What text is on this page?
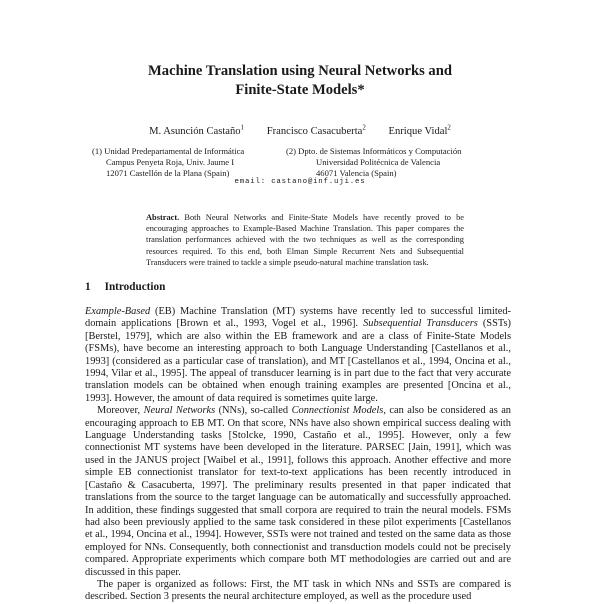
Machine Translation using Neural Networks and
Finite-State Models*
M. Asunción Castaño$^1$ Francisco Casacuberta$^2$ Enrique Vidal$^2$
(1) Unidad Predepartamental de Informática
Campus Penyeta Roja, Univ. Jaume I
12071 Castellón de la Plana (Spain)
(2) Dpto. de Sistemas Informáticos y Computación
Universidad Politécnica de Valencia
46071 Valencia (Spain)
email: castano@inf.uji.es
Abstract. Both Neural Networks and Finite-State Models have recently proved to be encouraging approaches to Example-Based Machine Translation. This paper compares the translation performances achieved with the two techniques as well as the corresponding resources required. To this end, both Elman Simple Recurrent Nets and Subsequential Transducers were trained to tackle a simple pseudo-natural machine translation task.
1 Introduction

Example-Based (EB) Machine Translation (MT) systems have recently led to successful limited-domain applications [Brown et al., 1993, Vogel et al., 1996]. Subsequential Transducers (SSTs) [Berstel, 1979], which are also within the EB framework and are a class of Finite-State Models (FSMs), have become an interesting approach to both Language Understanding [Castellanos et al., 1993] (considered as a particular case of translation), and MT [Castellanos et al., 1994, Oncina et al., 1994, Vilar et al., 1995]. The appeal of transducer learning is in part due to the fact that very accurate translation models can be obtained when enough training examples are presented [Oncina et al., 1993]. However, the amount of data required is sometimes quite large.

Moreover, Neural Networks (NNs), so-called Connectionist Models, can also be considered as an encouraging approach to EB MT. On that score, NNs have also shown empirical success dealing with Language Understanding tasks [Stolcke, 1990, Castaño et al., 1995]. However, only a few connectionist MT systems have been developed in the literature. PARSEC [Jain, 1991], which was used in the JANUS project [Waibel et al., 1991], follows this approach. Another effective and more simple EB connectionist translator for text-to-text applications has been recently introduced in [Castaño & Casacuberta, 1997]. The preliminary results presented in that paper indicated that translations from the source to the target language can be automatically and successfully approached. In addition, these findings suggested that small corpora are required to train the neural models. FSMs had also been previously applied to the same task considered in these pilot experiments [Castellanos et al., 1994, Oncina et al., 1994]. However, SSTs were not trained and tested on the same data as those employed for NNs. Consequently, both connectionist and transduction models could not be precisely compared. Appropriate experiments which compare both MT methodologies are carried out and are discussed in this paper.

The paper is organized as follows: First, the MT task in which NNs and SSTs are compared is described. Section 3 presents the neural architecture employed, as well as the procedure used
